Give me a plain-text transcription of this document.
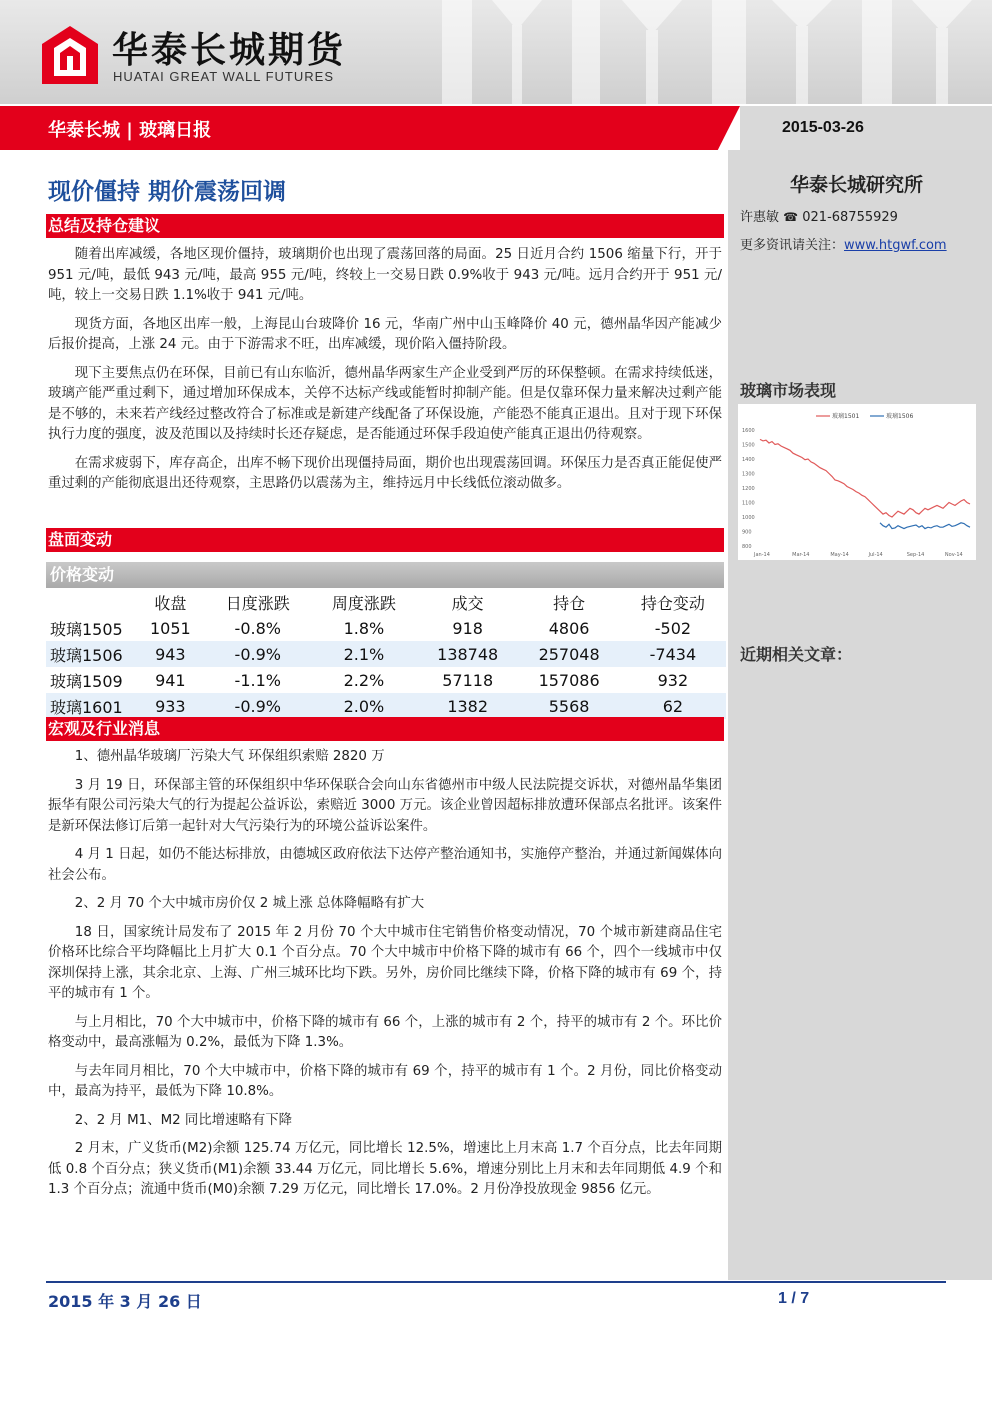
华泰长城期货
HUATAI GREAT WALL FUTURES
华泰长城 | 玻璃日报	2015-03-26
华泰长城研究所
许惠敏 ☎ 021-68755929
更多资讯请关注：www.htgwf.com
玻璃市场表现
1600
1500
1400
1300
1200
1100
1000
900
800
Jan-14	Mar-14	May-14	Jul-14	Sep-14	Nov-14
玻璃1501	玻璃1506
近期相关文章：
现价僵持 期价震荡回调
总结及持仓建议

随着出库减缓，各地区现价僵持，玻璃期价也出现了震荡回落的局面。25 日近月合约 1506 缩量下行，开于 951 元/吨，最低 943 元/吨，最高 955 元/吨，终较上一交易日跌 0.9%收于 943 元/吨。远月合约开于 951 元/吨，较上一交易日跌 1.1%收于 941 元/吨。

现货方面，各地区出库一般，上海昆山台玻降价 16 元，华南广州中山玉峰降价 40 元，德州晶华因产能减少后报价提高，上涨 24 元。由于下游需求不旺，出库减缓，现价陷入僵持阶段。

现下主要焦点仍在环保，目前已有山东临沂，德州晶华两家生产企业受到严厉的环保整顿。在需求持续低迷，玻璃产能严重过剩下，通过增加环保成本，关停不达标产线或能暂时抑制产能。但是仅靠环保力量来解决过剩产能是不够的，未来若产线经过整改符合了标准或是新建产线配备了环保设施，产能恐不能真正退出。且对于现下环保执行力度的强度，波及范围以及持续时长还存疑虑，是否能通过环保手段迫使产能真正退出仍待观察。

在需求疲弱下，库存高企，出库不畅下现价出现僵持局面，期价也出现震荡回调。环保压力是否真正能促使严重过剩的产能彻底退出还待观察，主思路仍以震荡为主，维持远月中长线低位滚动做多。

盘面变动
价格变动
	收盘	日度涨跌	周度涨跌	成交	持仓	持仓变动
玻璃1505	1051	-0.8%	1.8%	918	4806	-502
玻璃1506	943	-0.9%	2.1%	138748	257048	-7434
玻璃1509	941	-1.1%	2.2%	57118	157086	932
玻璃1601	933	-0.9%	2.0%	1382	5568	62
宏观及行业消息

1、德州晶华玻璃厂污染大气 环保组织索赔 2820 万

3 月 19 日，环保部主管的环保组织中华环保联合会向山东省德州市中级人民法院提交诉状，对德州晶华集团振华有限公司污染大气的行为提起公益诉讼，索赔近 3000 万元。该企业曾因超标排放遭环保部点名批评。该案件是新环保法修订后第一起针对大气污染行为的环境公益诉讼案件。

4 月 1 日起，如仍不能达标排放，由德城区政府依法下达停产整治通知书，实施停产整治，并通过新闻媒体向社会公布。

2、2 月 70 个大中城市房价仅 2 城上涨 总体降幅略有扩大

18 日，国家统计局发布了 2015 年 2 月份 70 个大中城市住宅销售价格变动情况，70 个城市新建商品住宅价格环比综合平均降幅比上月扩大 0.1 个百分点。70 个大中城市中价格下降的城市有 66 个，四个一线城市中仅深圳保持上涨，其余北京、上海、广州三城环比均下跌。另外，房价同比继续下降，价格下降的城市有 69 个，持平的城市有 1 个。

与上月相比，70 个大中城市中，价格下降的城市有 66 个，上涨的城市有 2 个，持平的城市有 2 个。环比价格变动中，最高涨幅为 0.2%，最低为下降 1.3%。

与去年同月相比，70 个大中城市中，价格下降的城市有 69 个，持平的城市有 1 个。2 月份，同比价格变动中，最高为持平，最低为下降 10.8%。

2、2 月 M1、M2 同比增速略有下降

2 月末，广义货币(M2)余额 125.74 万亿元，同比增长 12.5%，增速比上月末高 1.7 个百分点，比去年同期低 0.8 个百分点；狭义货币(M1)余额 33.44 万亿元，同比增长 5.6%，增速分别比上月末和去年同期低 4.9 个和 1.3 个百分点；流通中货币(M0)余额 7.29 万亿元，同比增长 17.0%。2 月份净投放现金 9856 亿元。

2015 年 3 月 26 日	1 / 7
